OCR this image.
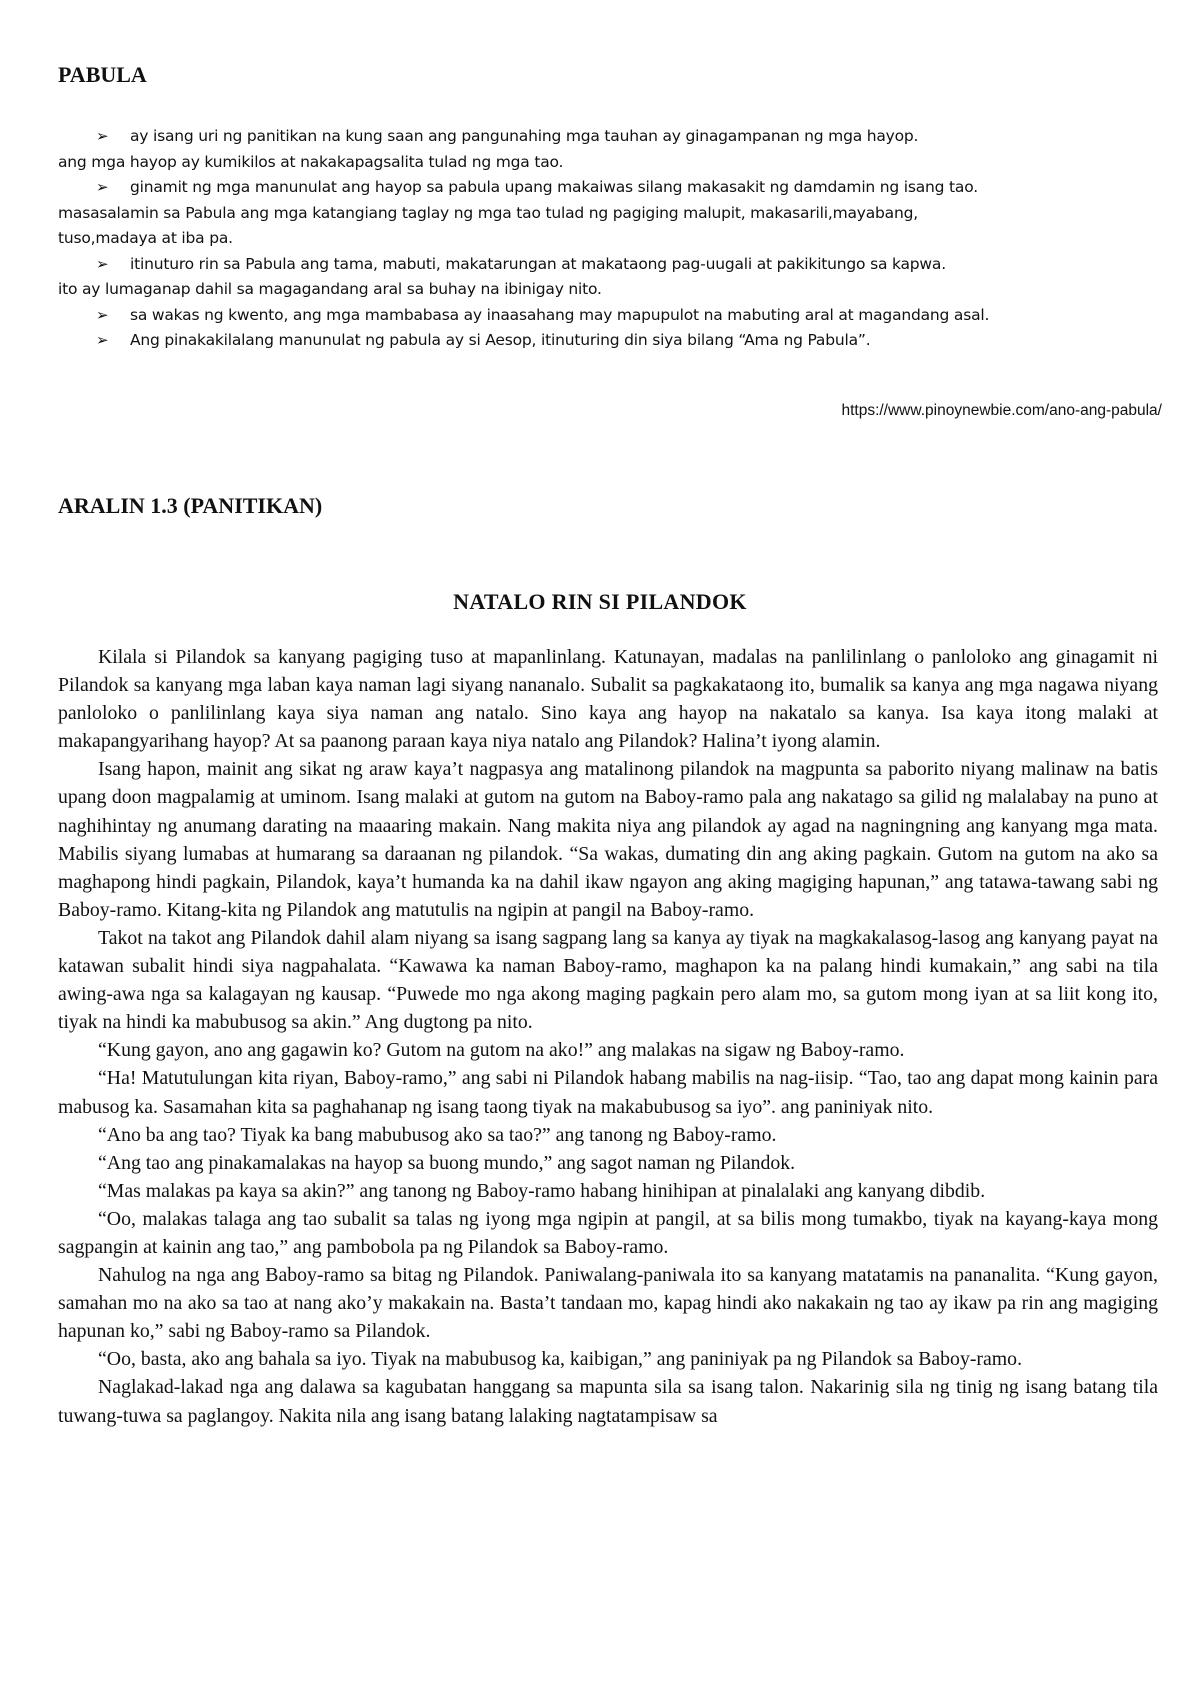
PABULA
➢	ay isang uri ng panitikan na kung saan ang pangunahing mga tauhan ay ginagampanan ng mga hayop.
ang mga hayop ay kumikilos at nakakapagsalita tulad ng mga tao.
➢	ginamit ng mga manunulat ang hayop sa pabula upang makaiwas silang makasakit ng damdamin ng isang tao.
masasalamin sa Pabula ang mga katangiang taglay ng mga tao tulad ng pagiging malupit, makasarili,mayabang,
tuso,madaya at iba pa.
➢	itinuturo rin sa Pabula ang tama, mabuti, makatarungan at makataong pag-uugali at pakikitungo sa kapwa.
ito ay lumaganap dahil sa magagandang aral sa buhay na ibinigay nito.
➢	sa wakas ng kwento, ang mga mambabasa ay inaasahang may mapupulot na mabuting aral at magandang asal.
➢	Ang pinakakilalang manunulat ng pabula ay si Aesop, itinuturing din siya bilang “Ama ng Pabula”.
https://www.pinoynewbie.com/ano-ang-pabula/
ARALIN 1.3 (PANITIKAN)
NATALO RIN SI PILANDOK

Kilala si Pilandok sa kanyang pagiging tuso at mapanlinlang. Katunayan, madalas na panlilinlang o panloloko ang ginagamit ni Pilandok sa kanyang mga laban kaya naman lagi siyang nananalo. Subalit sa pagkakataong ito, bumalik sa kanya ang mga nagawa niyang panloloko o panlilinlang kaya siya naman ang natalo. Sino kaya ang hayop na nakatalo sa kanya. Isa kaya itong malaki at makapangyarihang hayop? At sa paanong paraan kaya niya natalo ang Pilandok? Halina’t iyong alamin.

Isang hapon, mainit ang sikat ng araw kaya’t nagpasya ang matalinong pilandok na magpunta sa paborito niyang malinaw na batis upang doon magpalamig at uminom. Isang malaki at gutom na gutom na Baboy-ramo pala ang nakatago sa gilid ng malalabay na puno at naghihintay ng anumang darating na maaaring makain. Nang makita niya ang pilandok ay agad na nagningning ang kanyang mga mata. Mabilis siyang lumabas at humarang sa daraanan ng pilandok. “Sa wakas, dumating din ang aking pagkain. Gutom na gutom na ako sa maghapong hindi pagkain, Pilandok, kaya’t humanda ka na dahil ikaw ngayon ang aking magiging hapunan,” ang tatawa-tawang sabi ng Baboy-ramo. Kitang-kita ng Pilandok ang matutulis na ngipin at pangil na Baboy-ramo.

Takot na takot ang Pilandok dahil alam niyang sa isang sagpang lang sa kanya ay tiyak na magkakalasog-lasog ang kanyang payat na katawan subalit hindi siya nagpahalata. “Kawawa ka naman Baboy-ramo, maghapon ka na palang hindi kumakain,” ang sabi na tila awing-awa nga sa kalagayan ng kausap. “Puwede mo nga akong maging pagkain pero alam mo, sa gutom mong iyan at sa liit kong ito, tiyak na hindi ka mabubusog sa akin.” Ang dugtong pa nito.

“Kung gayon, ano ang gagawin ko? Gutom na gutom na ako!” ang malakas na sigaw ng Baboy-ramo.

“Ha! Matutulungan kita riyan, Baboy-ramo,” ang sabi ni Pilandok habang mabilis na nag-iisip. “Tao, tao ang dapat mong kainin para mabusog ka. Sasamahan kita sa paghahanap ng isang taong tiyak na makabubusog sa iyo”. ang paniniyak nito.

“Ano ba ang tao? Tiyak ka bang mabubusog ako sa tao?” ang tanong ng Baboy-ramo.

“Ang tao ang pinakamalakas na hayop sa buong mundo,” ang sagot naman ng Pilandok.

“Mas malakas pa kaya sa akin?” ang tanong ng Baboy-ramo habang hinihipan at pinalalaki ang kanyang dibdib.

“Oo, malakas talaga ang tao subalit sa talas ng iyong mga ngipin at pangil, at sa bilis mong tumakbo, tiyak na kayang-kaya mong sagpangin at kainin ang tao,” ang pambobola pa ng Pilandok sa Baboy-ramo.

Nahulog na nga ang Baboy-ramo sa bitag ng Pilandok. Paniwalang-paniwala ito sa kanyang matatamis na pananalita. “Kung gayon, samahan mo na ako sa tao at nang ako’y makakain na. Basta’t tandaan mo, kapag hindi ako nakakain ng tao ay ikaw pa rin ang magiging hapunan ko,” sabi ng Baboy-ramo sa Pilandok.

“Oo, basta, ako ang bahala sa iyo. Tiyak na mabubusog ka, kaibigan,” ang paniniyak pa ng Pilandok sa Baboy-ramo.

Naglakad-lakad nga ang dalawa sa kagubatan hanggang sa mapunta sila sa isang talon. Nakarinig sila ng tinig ng isang batang tila tuwang-tuwa sa paglangoy. Nakita nila ang isang batang lalaking nagtatampisaw sa
